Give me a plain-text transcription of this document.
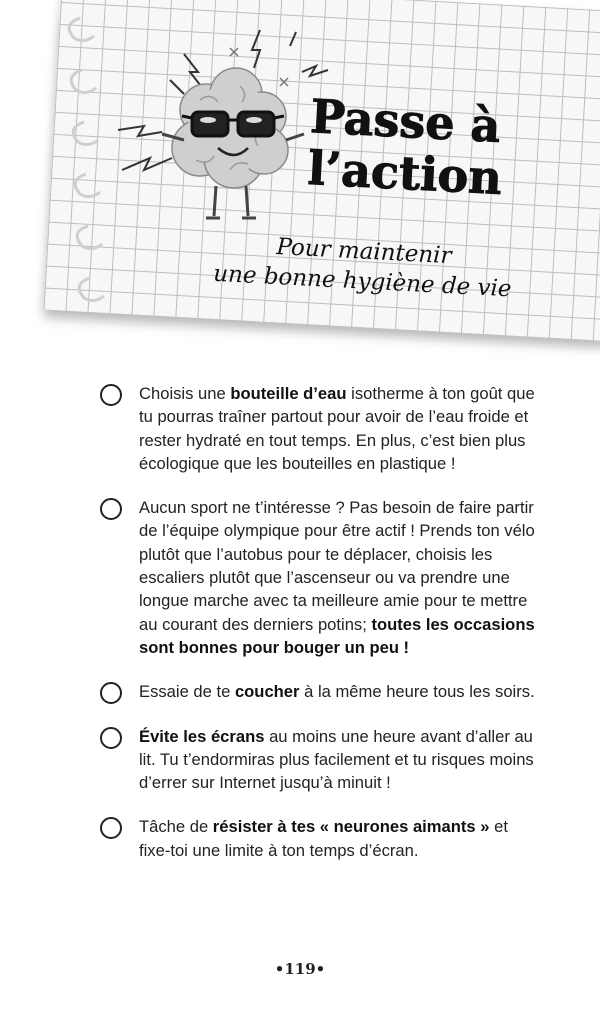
Passe à
l’action
Pour maintenir
une bonne hygiène de vie

Choisis une bouteille d’eau isotherme à ton goût que tu pourras traîner partout pour avoir de l’eau froide et rester hydraté en tout temps. En plus, c’est bien plus écologique que les bouteilles en plastique !

Aucun sport ne t’intéresse ? Pas besoin de faire partir de l’équipe olympique pour être actif ! Prends ton vélo plutôt que l’autobus pour te déplacer, choisis les escaliers plutôt que l’ascenseur ou va prendre une longue marche avec ta meilleure amie pour te mettre au courant des derniers potins; toutes les occasions sont bonnes pour bouger un peu !

Essaie de te coucher à la même heure tous les soirs.

Évite les écrans au moins une heure avant d’aller au lit. Tu t’endormiras plus facilement et tu risques moins d’errer sur Internet jusqu’à minuit !

Tâche de résister à tes « neurones aimants » et fixe-toi une limite à ton temps d’écran.

•119•
